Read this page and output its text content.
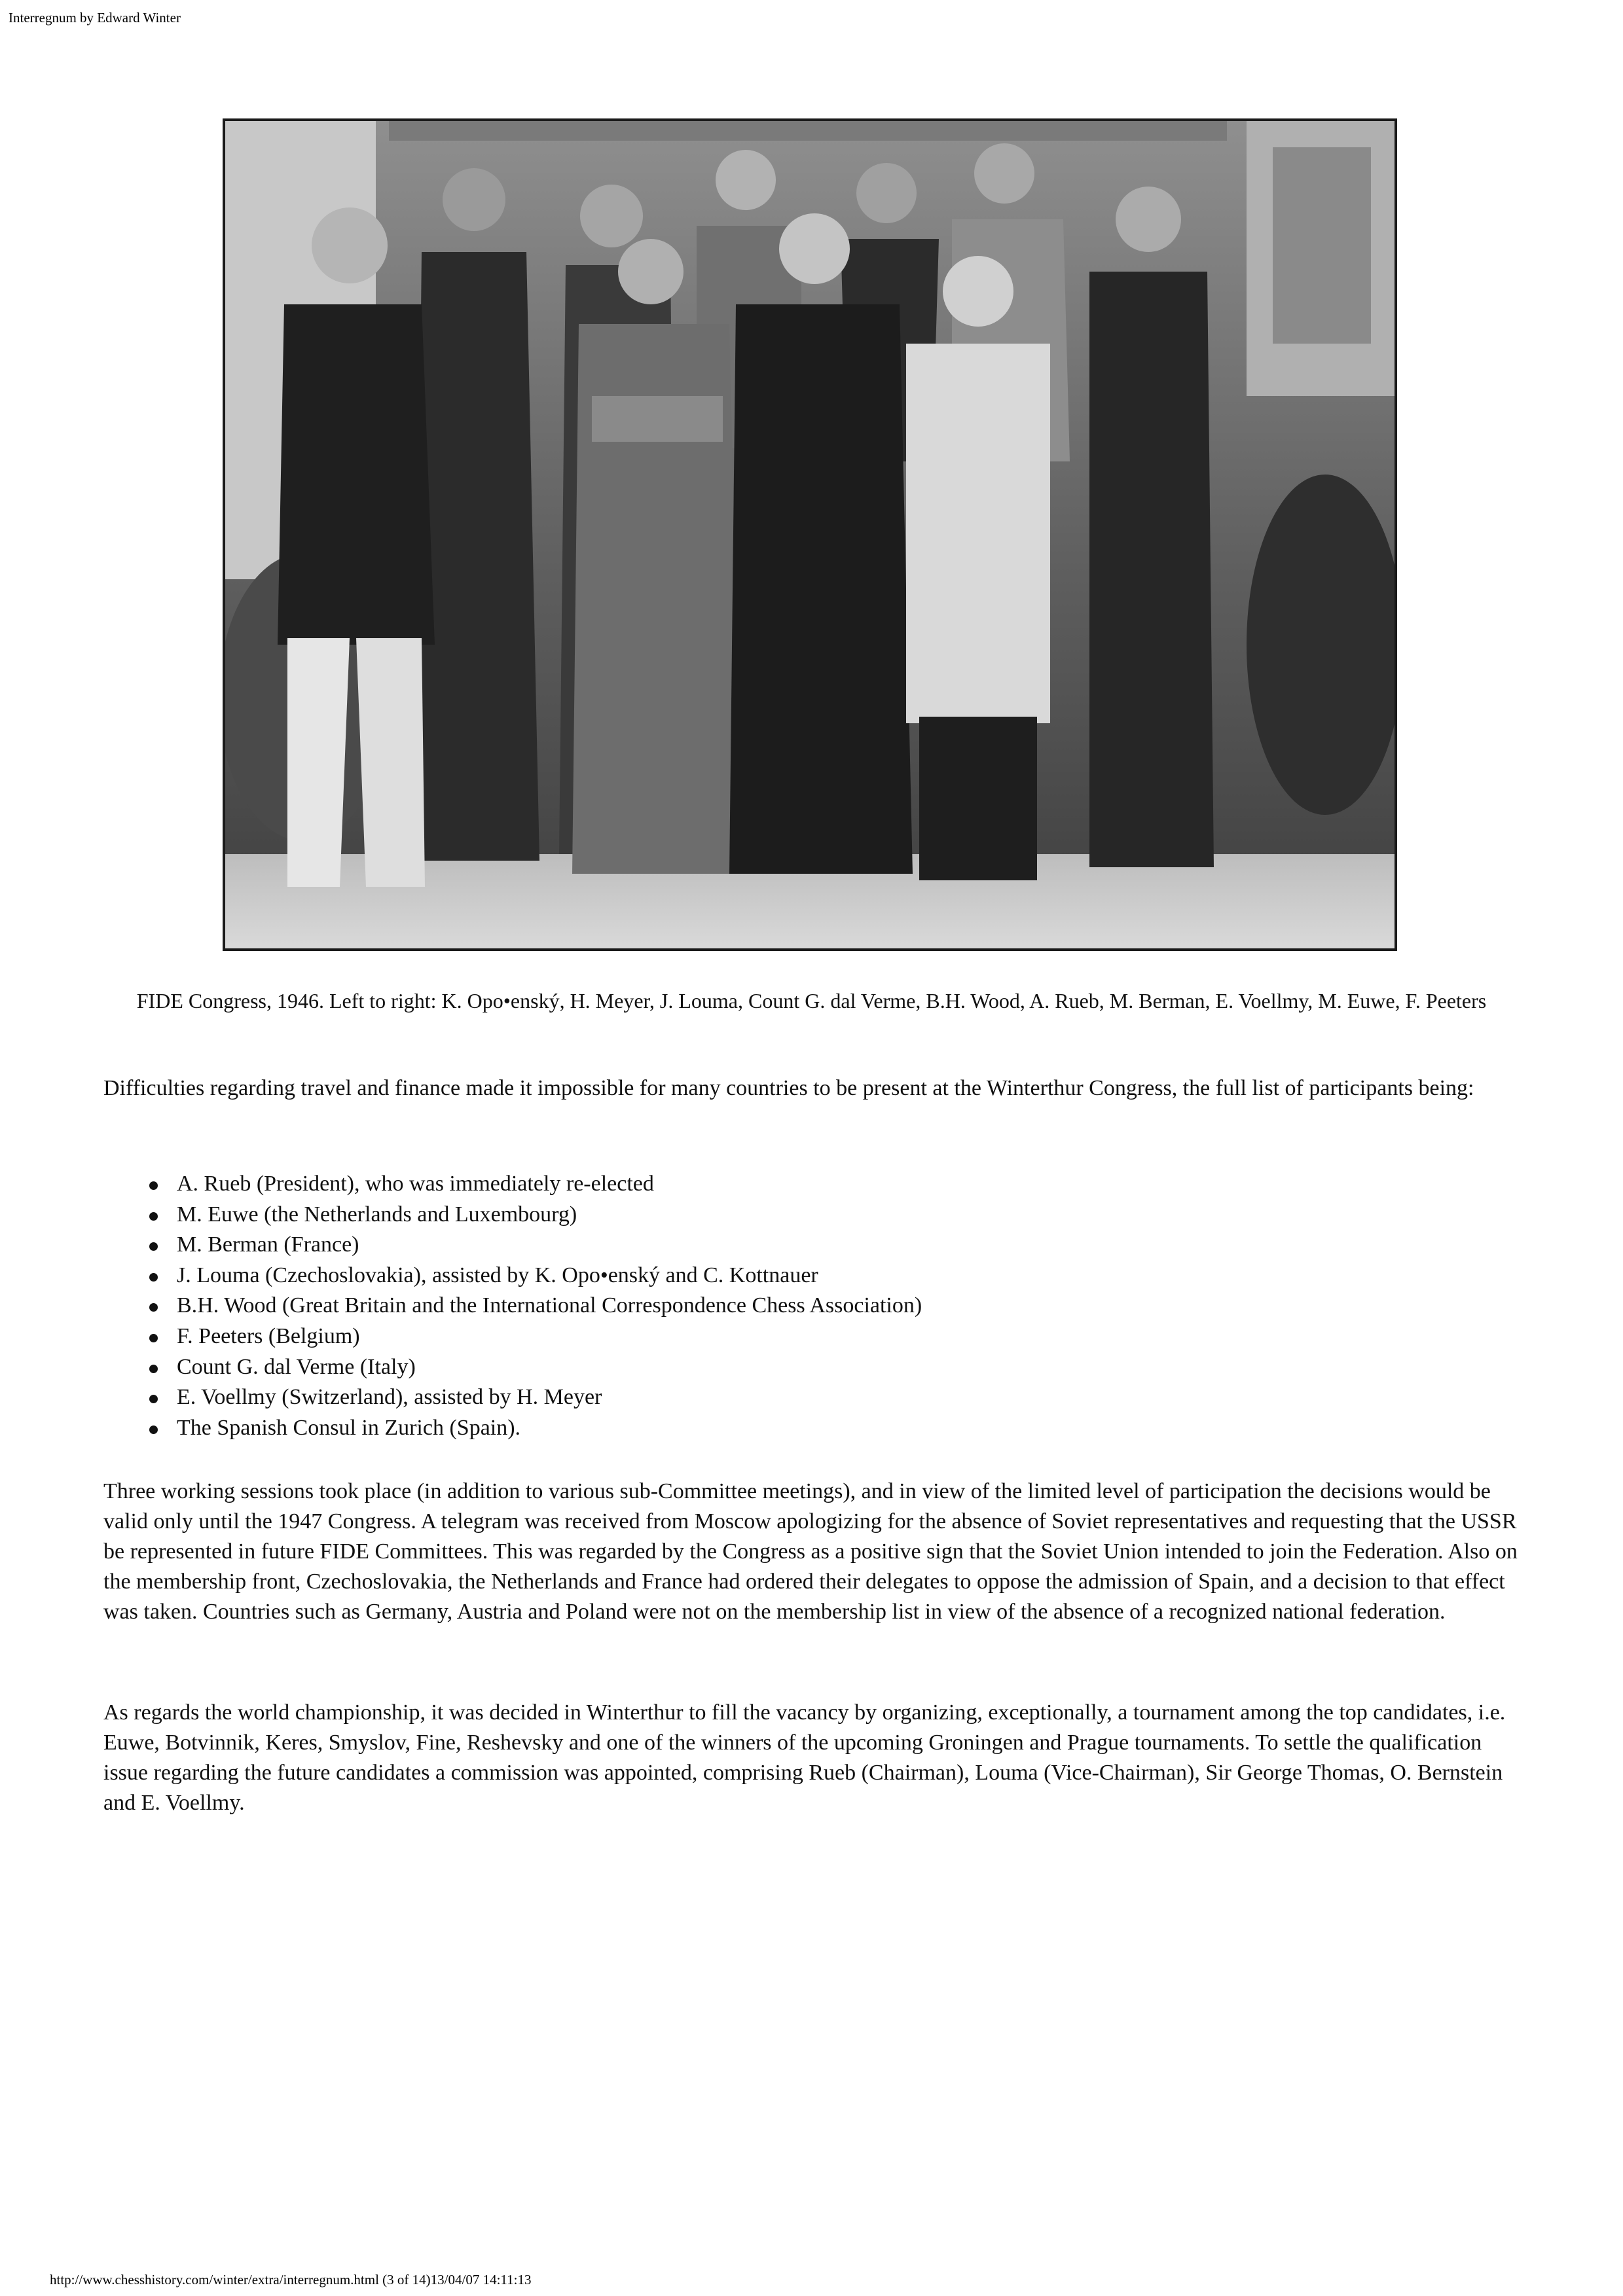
Interregnum by Edward Winter
FIDE Congress, 1946. Left to right: K. Opo•enský, H. Meyer, J. Louma, Count G. dal Verme, B.H. Wood, A. Rueb, M. Berman, E. Voellmy, M. Euwe, F. Peeters

Difficulties regarding travel and finance made it impossible for many countries to be present at the Winterthur Congress, the full list of participants being:

A. Rueb (President), who was immediately re-elected
M. Euwe (the Netherlands and Luxembourg)
M. Berman (France)
J. Louma (Czechoslovakia), assisted by K. Opo•enský and C. Kottnauer
B.H. Wood (Great Britain and the International Correspondence Chess Association)
F. Peeters (Belgium)
Count G. dal Verme (Italy)
E. Voellmy (Switzerland), assisted by H. Meyer
The Spanish Consul in Zurich (Spain).

Three working sessions took place (in addition to various sub-Committee meetings), and in view of the limited level of participation the decisions would be valid only until the 1947 Congress. A telegram was received from Moscow apologizing for the absence of Soviet representatives and requesting that the USSR be represented in future FIDE Committees. This was regarded by the Congress as a positive sign that the Soviet Union intended to join the Federation. Also on the membership front, Czechoslovakia, the Netherlands and France had ordered their delegates to oppose the admission of Spain, and a decision to that effect was taken. Countries such as Germany, Austria and Poland were not on the membership list in view of the absence of a recognized national federation.

As regards the world championship, it was decided in Winterthur to fill the vacancy by organizing, exceptionally, a tournament among the top candidates, i.e. Euwe, Botvinnik, Keres, Smyslov, Fine, Reshevsky and one of the winners of the upcoming Groningen and Prague tournaments. To settle the qualification issue regarding the future candidates a commission was appointed, comprising Rueb (Chairman), Louma (Vice-Chairman), Sir George Thomas, O. Bernstein and E. Voellmy.

http://www.chesshistory.com/winter/extra/interregnum.html (3 of 14)13/04/07 14:11:13
